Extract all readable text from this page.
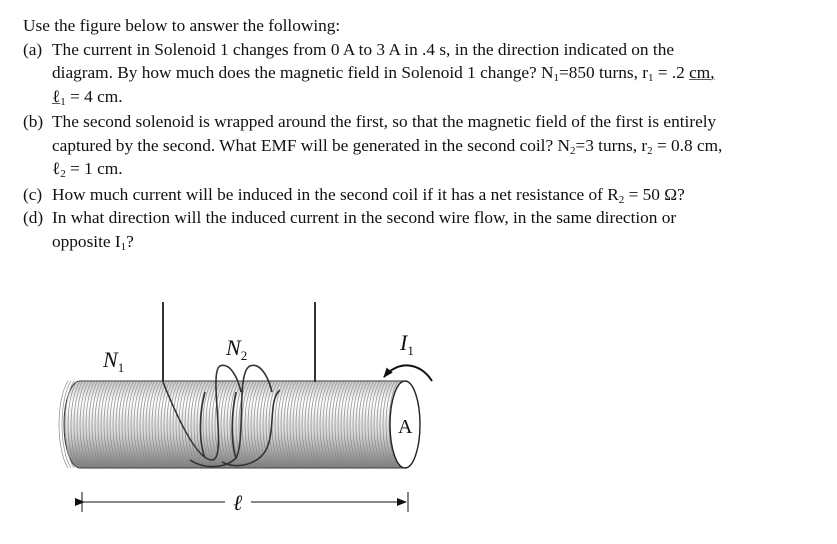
Use the figure below to answer the following:

(a) The current in Solenoid 1 changes from 0 A to 3 A in .4 s, in the direction indicated on the
diagram. By how much does the magnetic field in Solenoid 1 change? $N_1=850$ turns, $r_1 = .2$ cm,
ℓ$_1$ = 4 cm.
(b) The second solenoid is wrapped around the first, so that the magnetic field of the first is entirely
captured by the second. What EMF will be generated in the second coil? $N_2=3$ turns, $r_2 = 0.8$ cm,
ℓ$_2$ = 1 cm.
(c) How much current will be induced in the second coil if it has a net resistance of $R_2 = 50$ Ω?
(d) In what direction will the induced current in the second wire flow, in the same direction or
opposite $I_1$?
A
$N_1$
$N_2$
$I_1$
ℓ
